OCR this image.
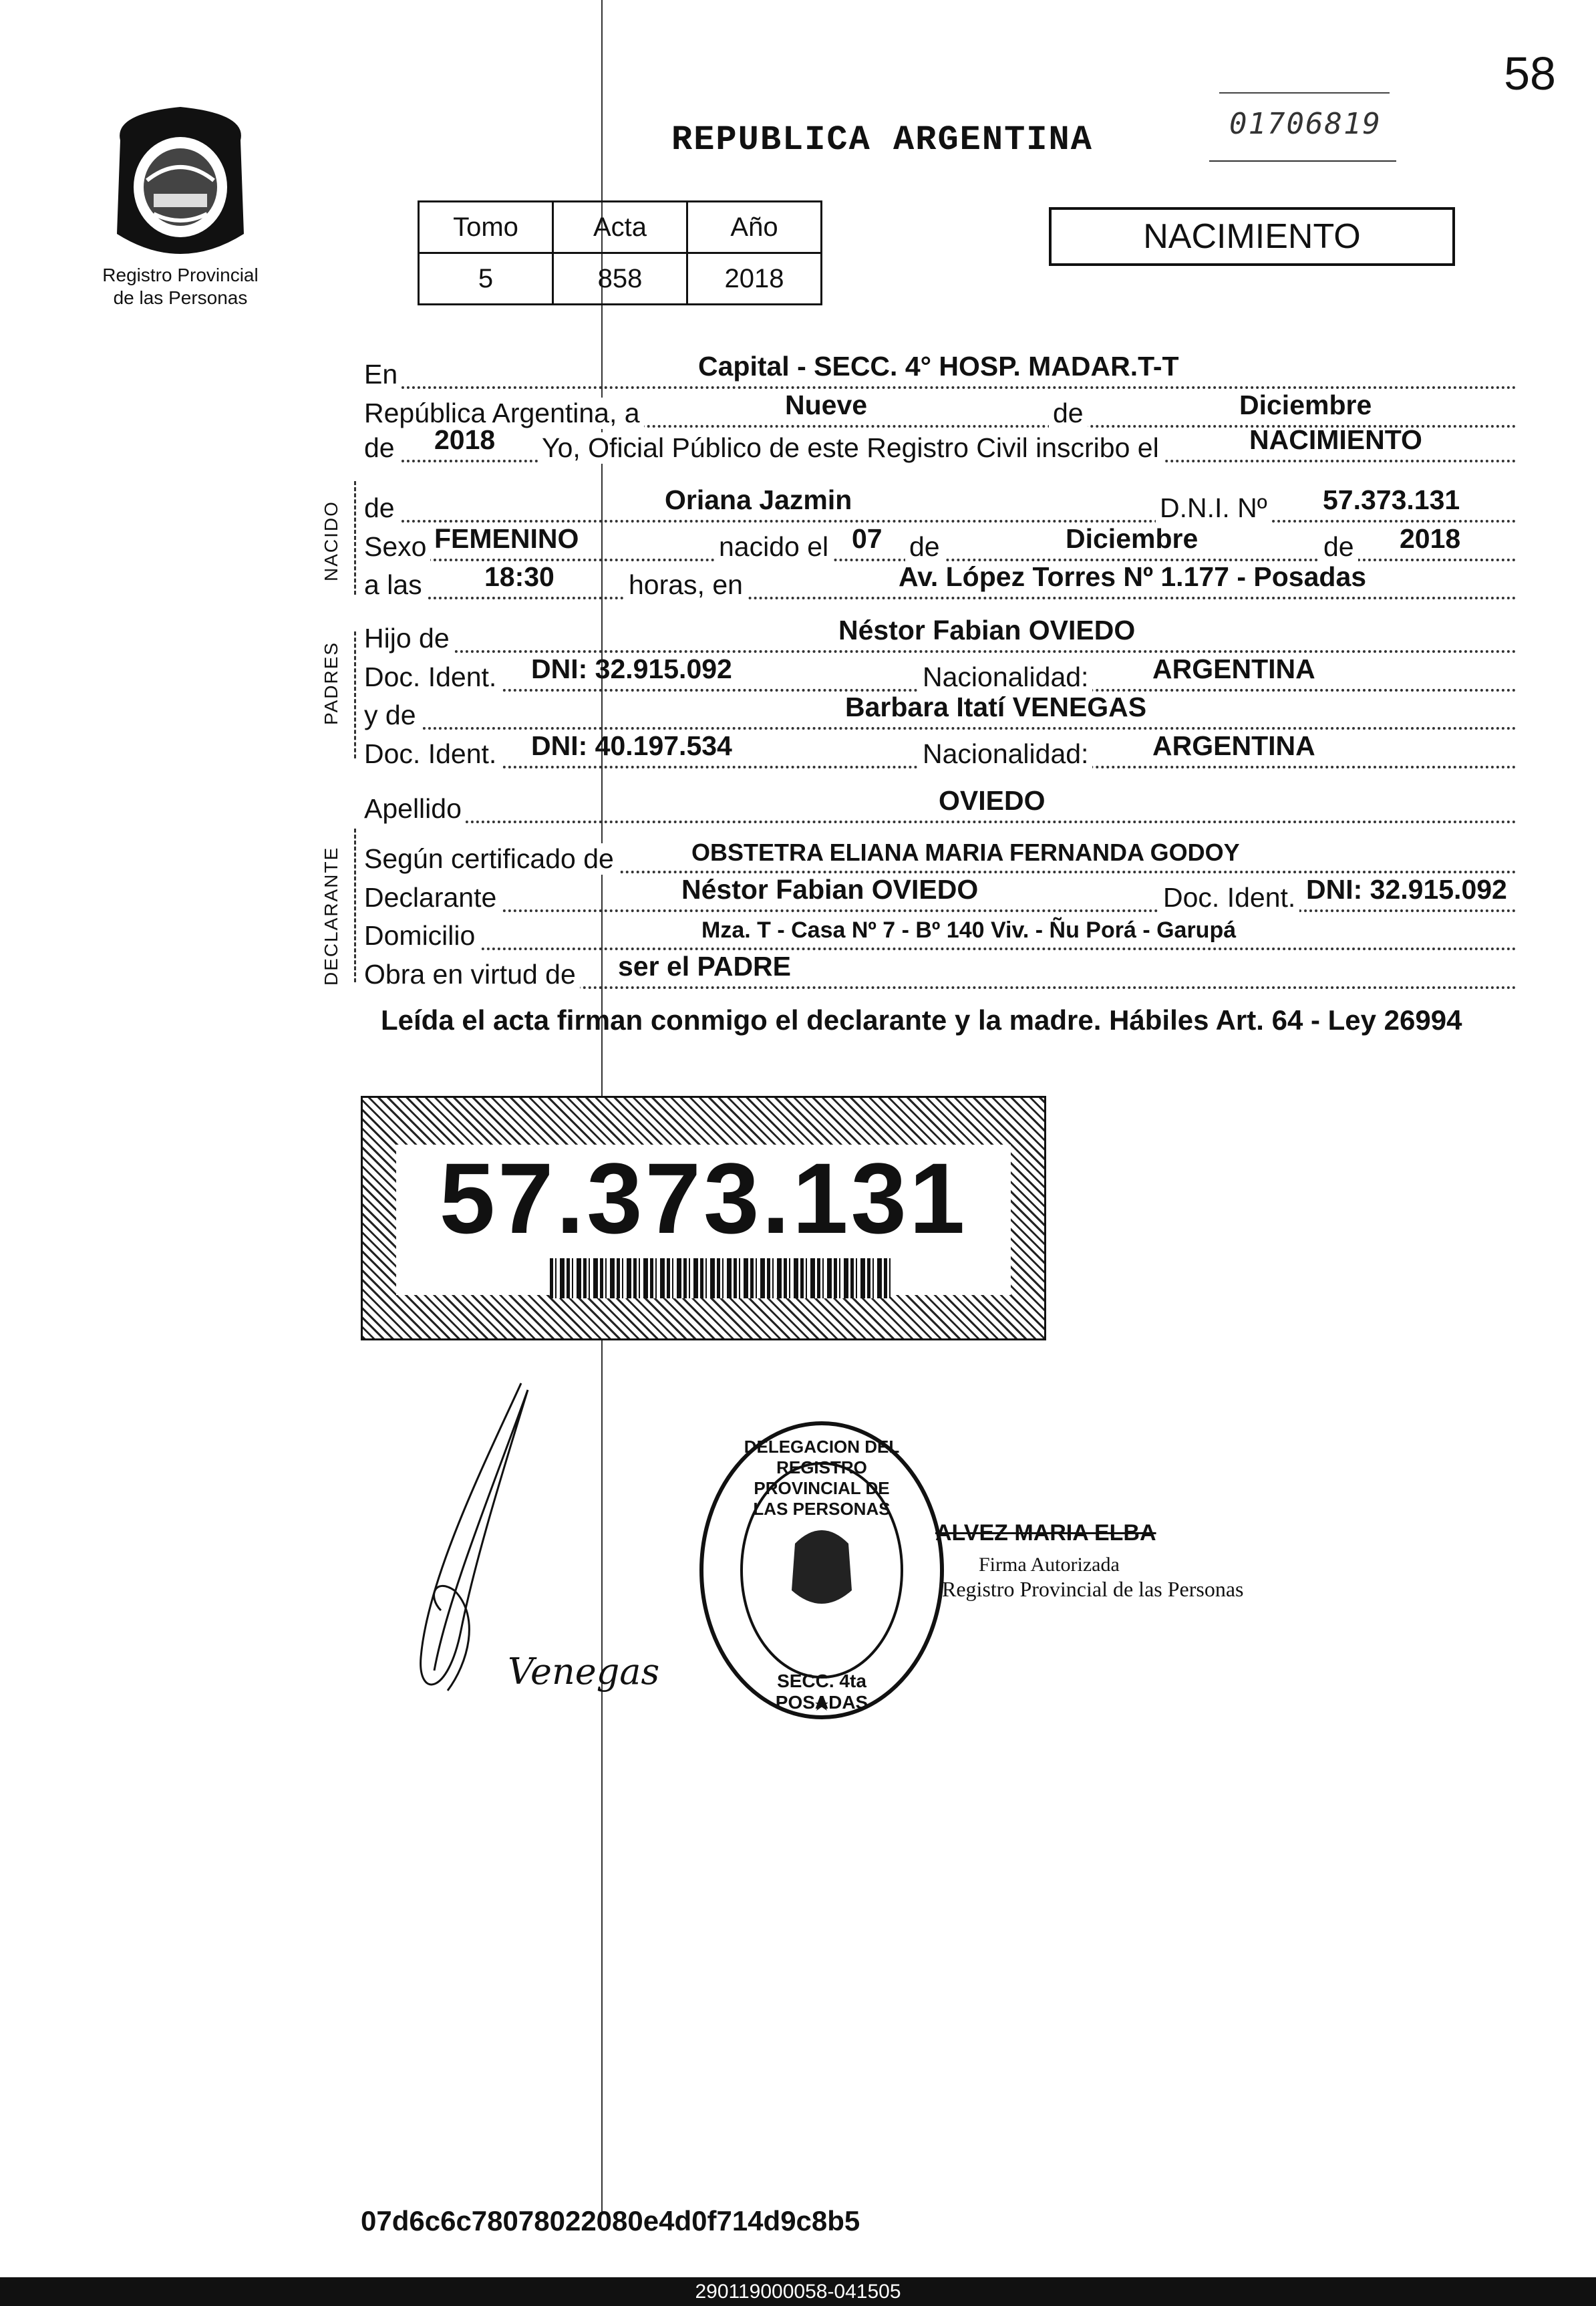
58
Registro Provincial
de las Personas
REPUBLICA ARGENTINA	01706819
Tomo	Acta	Año
5	858	2018
NACIMIENTO
NACIDO
PADRES
DECLARANTE
En	Capital - SECC. 4° HOSP. MADAR.T-T
República Argentina, a	Nueve	de	Diciembre
de 2018 Yo, Oficial Público de este Registro Civil inscribo el	NACIMIENTO
de	Oriana Jazmin	D.N.I. Nº 57.373.131
Sexo FEMENINO	nacido el 07 de	Diciembre	de 2018
a las 18:30	horas, en	Av. López Torres Nº 1.177 - Posadas
Hijo de	Néstor Fabian OVIEDO
Doc. Ident. DNI: 32.915.092	Nacionalidad: ARGENTINA
y de	Barbara Itatí VENEGAS
Doc. Ident. DNI: 40.197.534	Nacionalidad: ARGENTINA
Apellido	OVIEDO
Según certificado de	OBSTETRA ELIANA MARIA FERNANDA GODOY
Declarante	Néstor Fabian OVIEDO	Doc. Ident. DNI: 32.915.092
Domicilio	Mza. T - Casa Nº 7 - Bº 140 Viv. - Ñu Porá - Garupá
Obra en virtud de ser el PADRE
Leída el acta firman conmigo el declarante y la madre. Hábiles Art. 64 - Ley 26994
57.373.131
Venegas
DELEGACION DEL REGISTRO PROVINCIAL DE LAS PERSONAS
SECC. 4ta POSADAS
ALVEZ MARIA ELBA
Firma Autorizada
Registro Provincial de las Personas
07d6c6c78078022080e4d0f714d9c8b5
290119000058-041505
